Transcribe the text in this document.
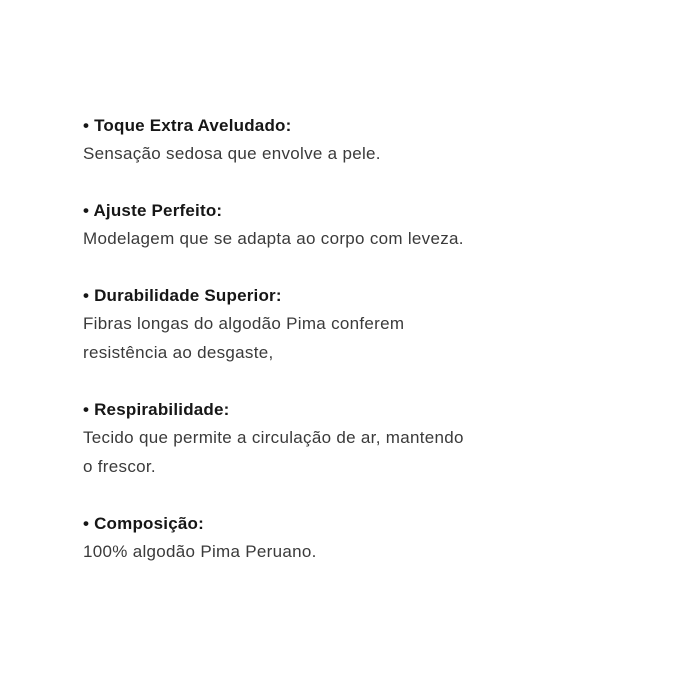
• Toque Extra Aveludado:
Sensação sedosa que envolve a pele.
• Ajuste Perfeito:
Modelagem que se adapta ao corpo com leveza.
• Durabilidade Superior:
Fibras longas do algodão Pima conferem
resistência ao desgaste,
• Respirabilidade:
Tecido que permite a circulação de ar, mantendo
o frescor.
• Composição:
100% algodão Pima Peruano.
